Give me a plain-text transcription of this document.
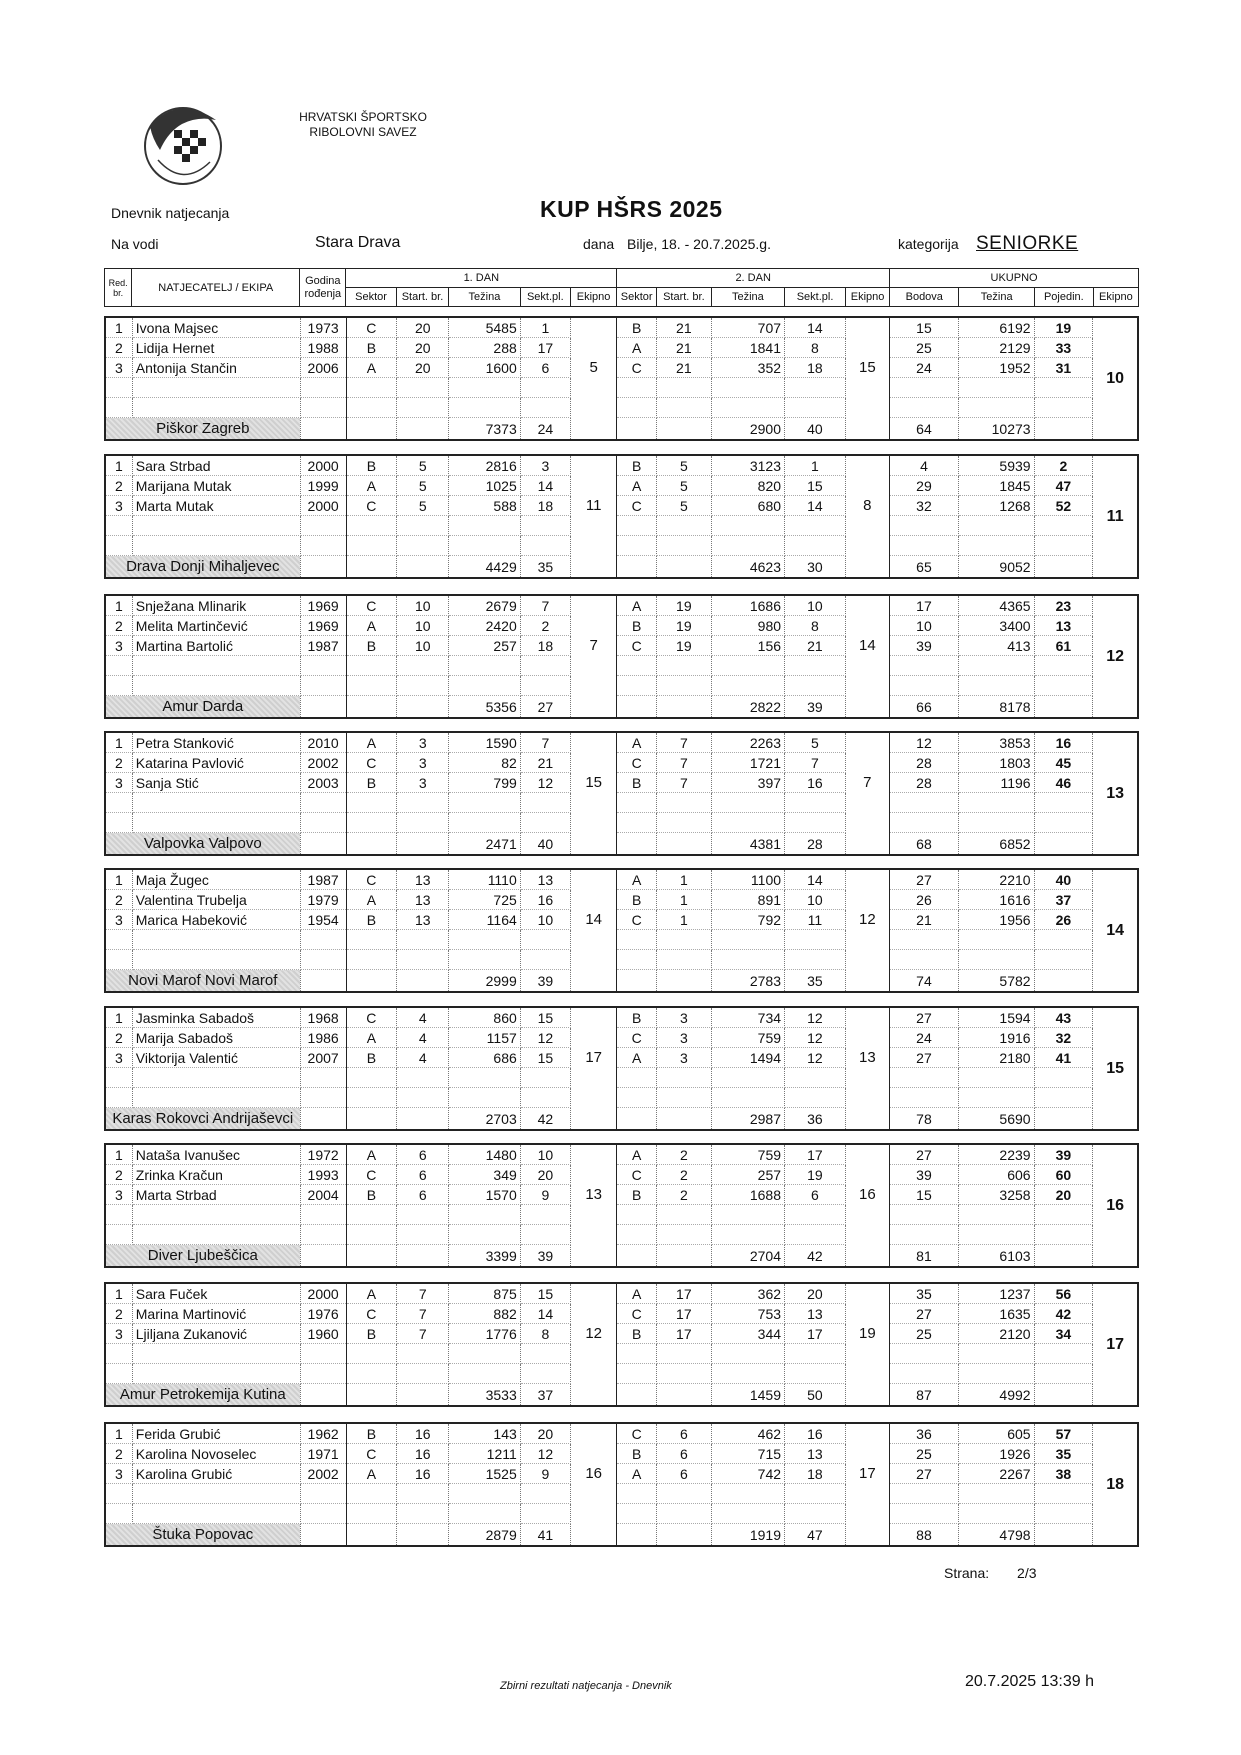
HRVATSKI ŠPORTSKO
RIBOLOVNI SAVEZ
Dnevnik natjecanja	KUP HŠRS 2025
Na vodi	Stara Drava	dana Bilje, 18. - 20.7.2025.g.	kategorija SENIORKE
Red. br.	NATJECATELJ / EKIPA	Godina rođenja	1. DAN					2. DAN					UKUPNO			
			Sektor	Start. br.	Težina	Sekt.pl.	Ekipno	Sektor	Start. br.	Težina	Sekt.pl.	Ekipno	Bodova	Težina	Pojedin.	Ekipno
1	Ivona Majsec	1973	C	20	5485	1	5	B	21	707	14	15	15	6192	19	10
2	Lidija Hernet	1988	B	20	288	17		A	21	1841	8		25	2129	33	
3	Antonija Stančin	2006	A	20	1600	6		C	21	352	18		24	1952	31	

Piškor Zagreb					7373	24				2900	40		64	10273		
1	Sara Strbad	2000	B	5	2816	3	11	B	5	3123	1	8	4	5939	2	11
2	Marijana Mutak	1999	A	5	1025	14		A	5	820	15		29	1845	47	
3	Marta Mutak	2000	C	5	588	18		C	5	680	14		32	1268	52	

Drava Donji Mihaljevec					4429	35				4623	30		65	9052		
1	Snježana Mlinarik	1969	C	10	2679	7	7	A	19	1686	10	14	17	4365	23	12
2	Melita Martinčević	1969	A	10	2420	2		B	19	980	8		10	3400	13	
3	Martina Bartolić	1987	B	10	257	18		C	19	156	21		39	413	61	

Amur Darda					5356	27				2822	39		66	8178		
1	Petra Stanković	2010	A	3	1590	7	15	A	7	2263	5	7	12	3853	16	13
2	Katarina Pavlović	2002	C	3	82	21		C	7	1721	7		28	1803	45	
3	Sanja Stić	2003	B	3	799	12		B	7	397	16		28	1196	46	

Valpovka Valpovo					2471	40				4381	28		68	6852		
1	Maja Žugec	1987	C	13	1110	13	14	A	1	1100	14	12	27	2210	40	14
2	Valentina Trubelja	1979	A	13	725	16		B	1	891	10		26	1616	37	
3	Marica Habeković	1954	B	13	1164	10		C	1	792	11		21	1956	26	

Novi Marof Novi Marof					2999	39				2783	35		74	5782		
1	Jasminka Sabadoš	1968	C	4	860	15	17	B	3	734	12	13	27	1594	43	15
2	Marija Sabadoš	1986	A	4	1157	12		C	3	759	12		24	1916	32	
3	Viktorija Valentić	2007	B	4	686	15		A	3	1494	12		27	2180	41	

Karas Rokovci Andrijaševci					2703	42				2987	36		78	5690		
1	Nataša Ivanušec	1972	A	6	1480	10	13	A	2	759	17	16	27	2239	39	16
2	Zrinka Kračun	1993	C	6	349	20		C	2	257	19		39	606	60	
3	Marta Strbad	2004	B	6	1570	9		B	2	1688	6		15	3258	20	

Diver Ljubeščica					3399	39				2704	42		81	6103		
1	Sara Fuček	2000	A	7	875	15	12	A	17	362	20	19	35	1237	56	17
2	Marina Martinović	1976	C	7	882	14		C	17	753	13		27	1635	42	
3	Ljiljana Zukanović	1960	B	7	1776	8		B	17	344	17		25	2120	34	

Amur Petrokemija Kutina					3533	37				1459	50		87	4992		
1	Ferida Grubić	1962	B	16	143	20	16	C	6	462	16	17	36	605	57	18
2	Karolina Novoselec	1971	C	16	1211	12		B	6	715	13		25	1926	35	
3	Karolina Grubić	2002	A	16	1525	9		A	6	742	18		27	2267	38	

Štuka Popovac					2879	41				1919	47		88	4798		
Strana: 2/3
Zbirni rezultati natjecanja - Dnevnik	20.7.2025 13:39 h
